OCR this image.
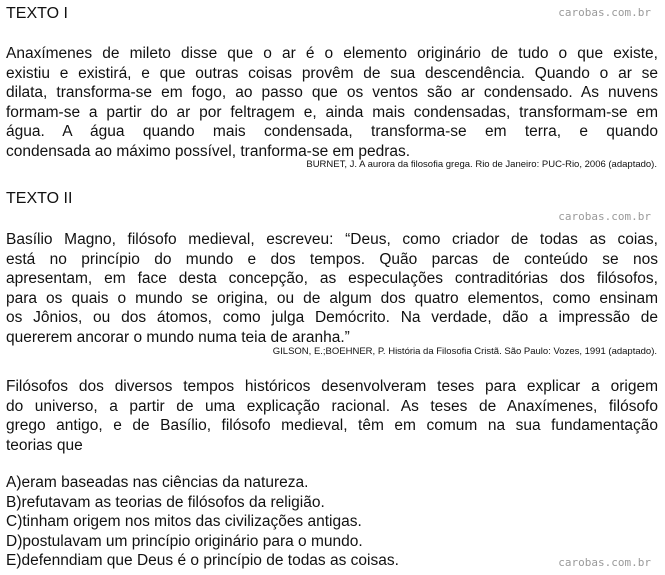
TEXTO I	carobas.com.br
Anaxímenes de mileto disse que o ar é o elemento originário de tudo o que existe,
existiu e existirá, e que outras coisas provêm de sua descendência. Quando o ar se
dilata, transforma-se em fogo, ao passo que os ventos são ar condensado. As nuvens
formam-se a partir do ar por feltragem e, ainda mais condensadas, transformam-se em
água. A água quando mais condensada, transforma-se em terra, e quando
condensada ao máximo possível, tranforma-se em pedras.
BURNET, J. A aurora da filosofia grega. Rio de Janeiro: PUC-Rio, 2006 (adaptado).
TEXTO II
carobas.com.br
Basílio Magno, filósofo medieval, escreveu: “Deus, como criador de todas as coias,
está no princípio do mundo e dos tempos. Quão parcas de conteúdo se nos
apresentam, em face desta concepção, as especulações contraditórias dos filósofos,
para os quais o mundo se origina, ou de algum dos quatro elementos, como ensinam
os Jônios, ou dos átomos, como julga Demócrito. Na verdade, dão a impressão de
quererem ancorar o mundo numa teia de aranha.”
GILSON, E.;BOEHNER, P. História da Filosofia Cristã. São Paulo: Vozes, 1991 (adaptado).
Filósofos dos diversos tempos históricos desenvolveram teses para explicar a origem
do universo, a partir de uma explicação racional. As teses de Anaxímenes, filósofo
grego antigo, e de Basílio, filósofo medieval, têm em comum na sua fundamentação
teorias que
A)eram baseadas nas ciências da natureza.
B)refutavam as teorias de filósofos da religião.
C)tinham origem nos mitos das civilizações antigas.
D)postulavam um princípio originário para o mundo.
E)defenndiam que Deus é o princípio de todas as coisas.	carobas.com.br
